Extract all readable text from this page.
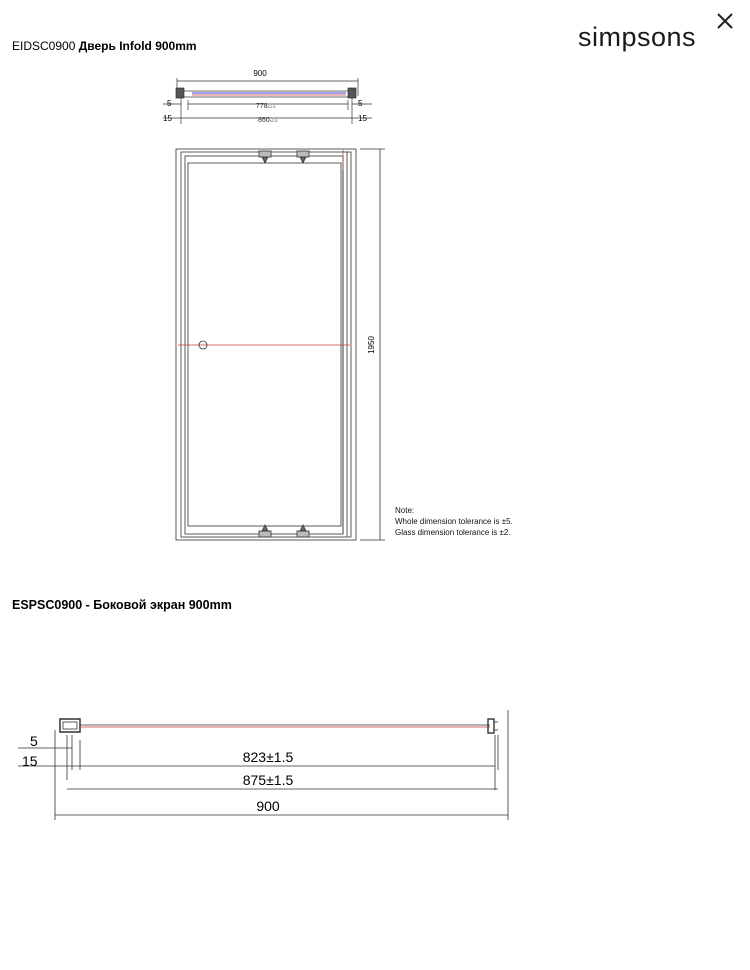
EIDSC0900 Дверь Infold 900mm	simpsons
900
778±1.5
860±1.5
5
15
5
15
1950
Note:
Whole dimension tolerance is ±5.
Glass dimension tolerance is ±2.
ESPSC0900 - Боковой экран 900mm
5
15	823±1.5
875±1.5
900
